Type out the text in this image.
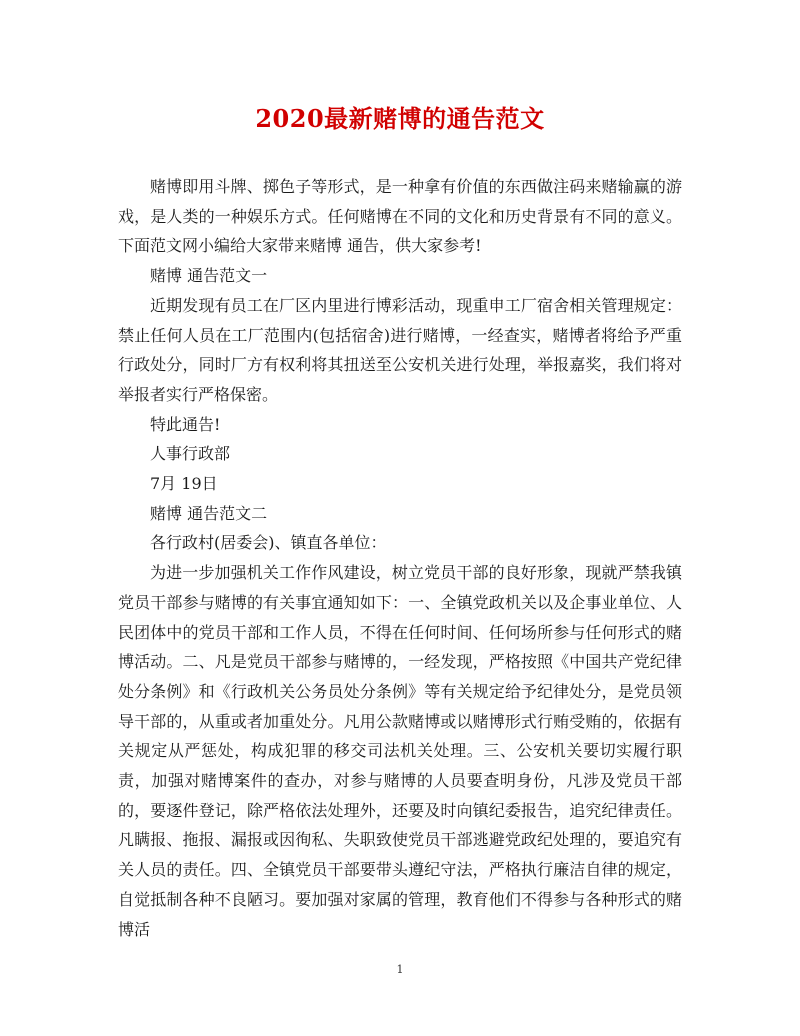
2020最新赌博的通告范文

赌博即用斗牌、掷色子等形式，是一种拿有价值的东西做注码来赌输赢的游戏，是人类的一种娱乐方式。任何赌博在不同的文化和历史背景有不同的意义。下面范文网小编给大家带来赌博 通告，供大家参考!

赌博 通告范文一

近期发现有员工在厂区内里进行博彩活动，现重申工厂宿舍相关管理规定：禁止任何人员在工厂范围内(包括宿舍)进行赌博，一经查实，赌博者将给予严重行政处分，同时厂方有权利将其扭送至公安机关进行处理，举报嘉奖，我们将对举报者实行严格保密。

特此通告!

人事行政部

7月 19日

赌博 通告范文二

各行政村(居委会)、镇直各单位：

为进一步加强机关工作作风建设，树立党员干部的良好形象，现就严禁我镇党员干部参与赌博的有关事宜通知如下：一、全镇党政机关以及企事业单位、人民团体中的党员干部和工作人员，不得在任何时间、任何场所参与任何形式的赌博活动。二、凡是党员干部参与赌博的，一经发现，严格按照《中国共产党纪律处分条例》和《行政机关公务员处分条例》等有关规定给予纪律处分，是党员领导干部的，从重或者加重处分。凡用公款赌博或以赌博形式行贿受贿的，依据有关规定从严惩处，构成犯罪的移交司法机关处理。三、公安机关要切实履行职责，加强对赌博案件的查办，对参与赌博的人员要查明身份，凡涉及党员干部的，要逐件登记，除严格依法处理外，还要及时向镇纪委报告，追究纪律责任。凡瞒报、拖报、漏报或因徇私、失职致使党员干部逃避党政纪处理的，要追究有关人员的责任。四、全镇党员干部要带头遵纪守法，严格执行廉洁自律的规定，自觉抵制各种不良陋习。要加强对家属的管理，教育他们不得参与各种形式的赌博活

1
